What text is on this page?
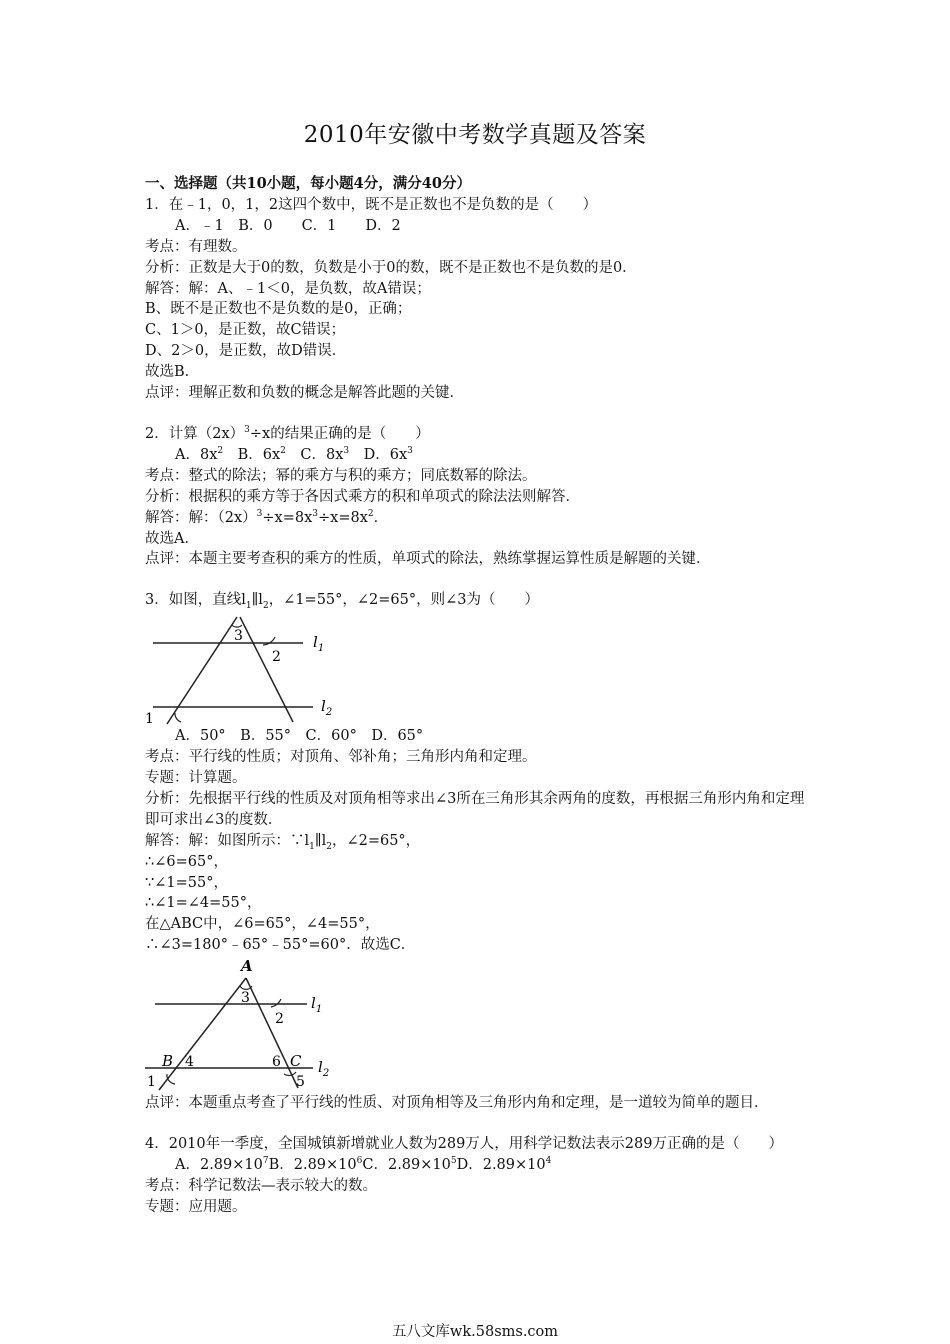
2010年安徽中考数学真题及答案
一、选择题（共10小题，每小题4分，满分40分）
1．在﹣1，0，1，2这四个数中，既不是正数也不是负数的是（　　）
A．﹣1　B．0　　C．1　　D．2
考点：有理数。
分析：正数是大于0的数，负数是小于0的数，既不是正数也不是负数的是0．
解答：解：A、﹣1＜0，是负数，故A错误；
B、既不是正数也不是负数的是0，正确；
C、1＞0，是正数，故C错误；
D、2＞0，是正数，故D错误．
故选B．
点评：理解正数和负数的概念是解答此题的关键．
2．计算$(2x)^3\div x$的结果正确的是（　　）
A．$8x^2$　 B．$6x^2$　 C．$8x^3$　 D．$6x^3$
考点：整式的除法；幂的乘方与积的乘方；同底数幂的除法。
分析：根据积的乘方等于各因式乘方的积和单项式的除法法则解答．
解答：解：$(2x)^3\div x=8x^3\div x=8x^2$．
故选A．
点评：本题主要考查积的乘方的性质，单项式的除法，熟练掌握运算性质是解题的关键．
3．如图，直线$l_1\parallel l_2$，∠1=55°，∠2=65°，则∠3为（　　）
3
2
1
$l_1$
$l_2$
A．50°　B．55°　C．60°　D．65°
考点：平行线的性质；对顶角、邻补角；三角形内角和定理。
专题：计算题。
分析：先根据平行线的性质及对顶角相等求出∠3所在三角形其余两角的度数，再根据三角形内角和定理即可求出∠3的度数．
解答：解：如图所示：$\because l_1\parallel l_2$，∠2=65°，
∴∠6=65°，
∵∠1=55°，
∴∠1=∠4=55°，
在△ABC中，∠6=65°，∠4=55°，
∴∠3=180°﹣65°﹣55°=60°．故选C．
A
3
2
B 4	6 C
1	5
$l_1$
$l_2$
点评：本题重点考查了平行线的性质、对顶角相等及三角形内角和定理，是一道较为简单的题目．
4．2010年一季度，全国城镇新增就业人数为289万人，用科学记数法表示289万正确的是（　　）
A．$2.89\times 10^7B$．$2.89\times 10^6C$．$2.89\times 10^5D$．$2.89\times 10^4$
考点：科学记数法—表示较大的数。
专题：应用题。
五八文库wk.58sms.com
